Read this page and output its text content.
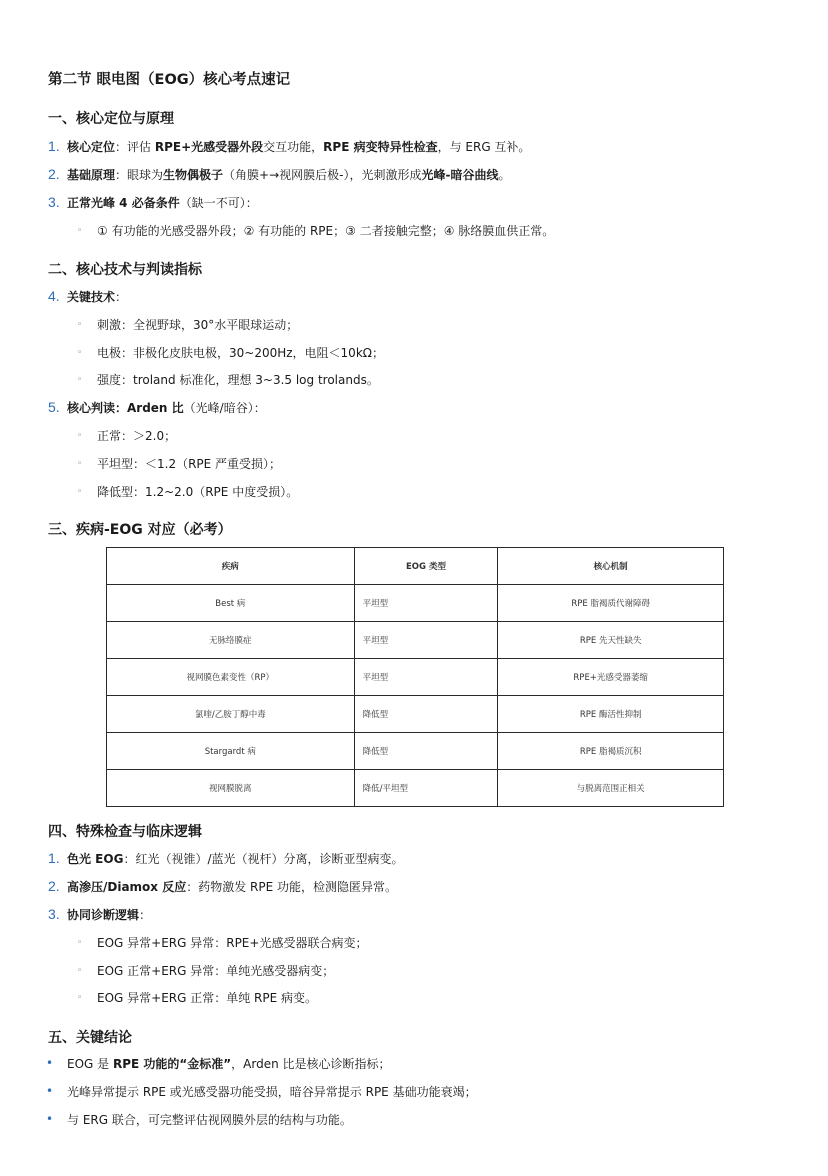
第二节 眼电图（EOG）核心考点速记
一、核心定位与原理
1. 核心定位：评估 RPE+光感受器外段交互功能，RPE 病变特异性检查，与 ERG 互补。
2. 基础原理：眼球为生物偶极子（角膜+→视网膜后极-），光刺激形成光峰-暗谷曲线。
3. 正常光峰 4 必备条件（缺一不可）：
◦ ① 有功能的光感受器外段；② 有功能的 RPE；③ 二者接触完整；④ 脉络膜血供正常。
二、核心技术与判读指标
4. 关键技术：
◦ 刺激：全视野球，30°水平眼球运动；
◦ 电极：非极化皮肤电极，30~200Hz，电阻＜10kΩ；
◦ 强度：troland 标准化，理想 3~3.5 log trolands。
5. 核心判读：Arden 比（光峰/暗谷）：
◦ 正常：＞2.0；
◦ 平坦型：＜1.2（RPE 严重受损）；
◦ 降低型：1.2~2.0（RPE 中度受损）。
三、疾病-EOG 对应（必考）
疾病	EOG 类型	核心机制
Best 病	平坦型	RPE 脂褐质代谢障碍
无脉络膜症	平坦型	RPE 先天性缺失
视网膜色素变性（RP）	平坦型	RPE+光感受器萎缩
氯喹/乙胺丁醇中毒	降低型	RPE 酶活性抑制
Stargardt 病	降低型	RPE 脂褐质沉积
视网膜脱离	降低/平坦型	与脱离范围正相关
四、特殊检查与临床逻辑
1. 色光 EOG：红光（视锥）/蓝光（视杆）分离，诊断亚型病变。
2. 高渗压/Diamox 反应：药物激发 RPE 功能，检测隐匿异常。
3. 协同诊断逻辑：
◦ EOG 异常+ERG 异常：RPE+光感受器联合病变；
◦ EOG 正常+ERG 异常：单纯光感受器病变；
◦ EOG 异常+ERG 正常：单纯 RPE 病变。
五、关键结论
• EOG 是 RPE 功能的“金标准”，Arden 比是核心诊断指标；
• 光峰异常提示 RPE 或光感受器功能受损，暗谷异常提示 RPE 基础功能衰竭；
• 与 ERG 联合，可完整评估视网膜外层的结构与功能。
